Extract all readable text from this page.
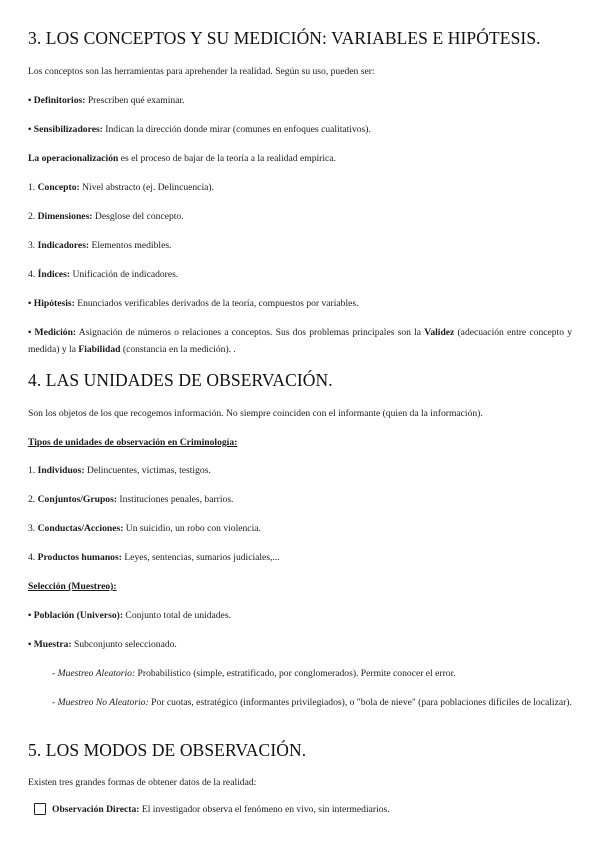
3. LOS CONCEPTOS Y SU MEDICIÓN: VARIABLES E HIPÓTESIS.

Los conceptos son las herramientas para aprehender la realidad. Según su uso, pueden ser:

• Definitorios: Prescriben qué examinar.

• Sensibilizadores: Indican la dirección donde mirar (comunes en enfoques cualitativos).

La operacionalización es el proceso de bajar de la teoría a la realidad empírica.

1. Concepto: Nivel abstracto (ej. Delincuencia).

2. Dimensiones: Desglose del concepto.

3. Indicadores: Elementos medibles.

4. Índices: Unificación de indicadores.

• Hipótesis: Enunciados verificables derivados de la teoría, compuestos por variables.

• Medición: Asignación de números o relaciones a conceptos. Sus dos problemas principales son la Validez (adecuación entre concepto y medida) y la Fiabilidad (constancia en la medición). .

4. LAS UNIDADES DE OBSERVACIÓN.

Son los objetos de los que recogemos información. No siempre coinciden con el informante (quien da la información).

Tipos de unidades de observación en Criminología:

1. Individuos: Delincuentes, víctimas, testigos.

2. Conjuntos/Grupos: Instituciones penales, barrios.

3. Conductas/Acciones: Un suicidio, un robo con violencia.

4. Productos humanos: Leyes, sentencias, sumarios judiciales,...

Selección (Muestreo):

• Población (Universo): Conjunto total de unidades.

• Muestra: Subconjunto seleccionado.

- Muestreo Aleatorio: Probabilístico (simple, estratificado, por conglomerados). Permite conocer el error.

- Muestreo No Aleatorio: Por cuotas, estratégico (informantes privilegiados), o "bola de nieve" (para poblaciones difíciles de localizar).

5. LOS MODOS DE OBSERVACIÓN.

Existen tres grandes formas de obtener datos de la realidad:

Observación Directa: El investigador observa el fenómeno en vivo, sin intermediarios.
